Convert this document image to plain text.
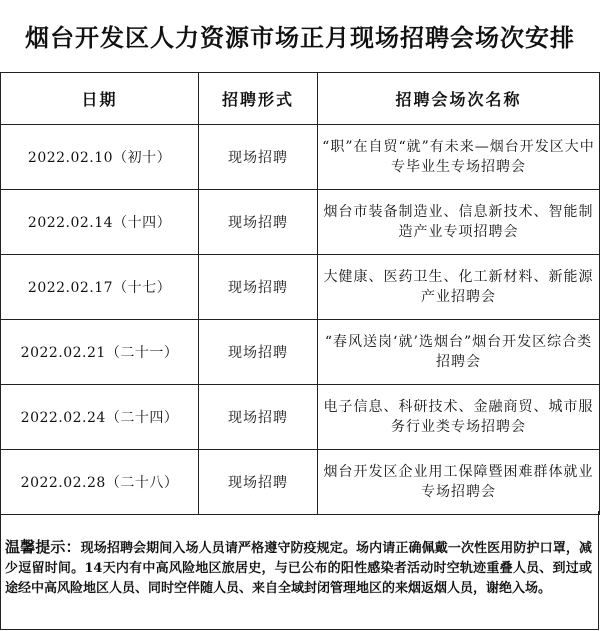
烟台开发区人力资源市场正月现场招聘会场次安排
日期	招聘形式	招聘会场次名称
2022.02.10（初十）	现场招聘	“职”在自贸“就”有未来—烟台开发区大中专毕业生专场招聘会
2022.02.14（十四）	现场招聘	烟台市装备制造业、信息新技术、智能制造产业专项招聘会
2022.02.17（十七）	现场招聘	大健康、医药卫生、化工新材料、新能源产业招聘会
2022.02.21（二十一）	现场招聘	“春风送岗‘就’选烟台”烟台开发区综合类招聘会
2022.02.24（二十四）	现场招聘	电子信息、科研技术、金融商贸、城市服务行业类专场招聘会
2022.02.28（二十八）	现场招聘	烟台开发区企业用工保障暨困难群体就业专场招聘会
温馨提示：现场招聘会期间入场人员请严格遵守防疫规定。场内请正确佩戴一次性医用防护口罩，减少逗留时间。14天内有中高风险地区旅居史，与已公布的阳性感染者活动时空轨迹重叠人员、到过或途经中高风险地区人员、同时空伴随人员、来自全域封闭管理地区的来烟返烟人员，谢绝入场。
